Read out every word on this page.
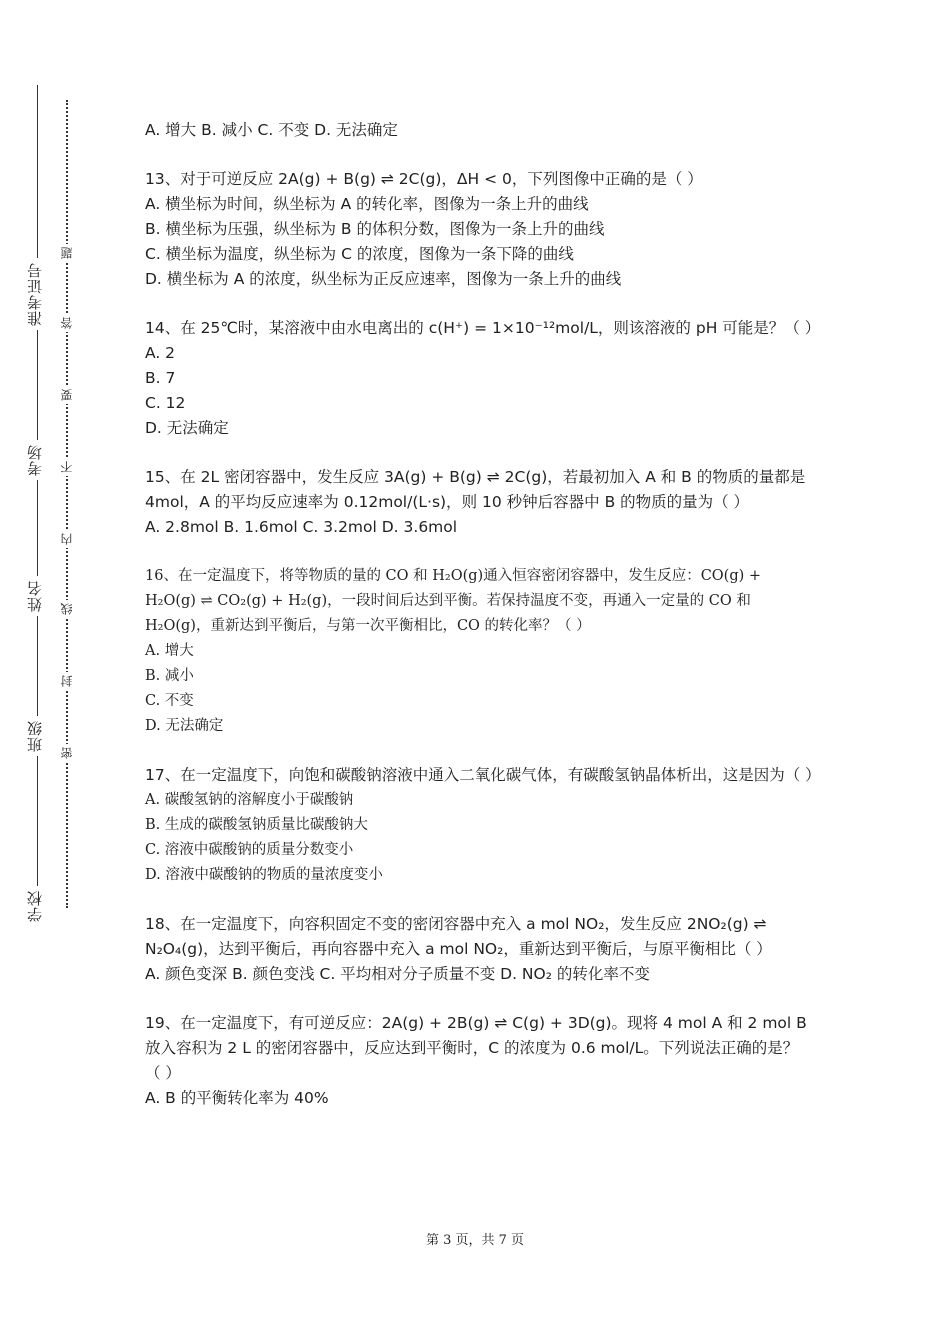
准考证号
考场
姓名
班级
学校
题
答
要
不
内
线
封
密

A. 增大 B. 减小 C. 不变 D. 无法确定

13、对于可逆反应 2A(g) + B(g) ⇌ 2C(g)，ΔH < 0，下列图像中正确的是（ ）

A. 横坐标为时间，纵坐标为 A 的转化率，图像为一条上升的曲线

B. 横坐标为压强，纵坐标为 B 的体积分数，图像为一条上升的曲线

C. 横坐标为温度，纵坐标为 C 的浓度，图像为一条下降的曲线

D. 横坐标为 A 的浓度，纵坐标为正反应速率，图像为一条上升的曲线

14、在 25℃时，某溶液中由水电离出的 c(H⁺) = 1×10⁻¹²mol/L，则该溶液的 pH 可能是？（ ）

A. 2

B. 7

C. 12

D. 无法确定

15、在 2L 密闭容器中，发生反应 3A(g) + B(g) ⇌ 2C(g)，若最初加入 A 和 B 的物质的量都是 4mol，A 的平均反应速率为 0.12mol/(L·s)，则 10 秒钟后容器中 B 的物质的量为（ ）

A. 2.8mol B. 1.6mol C. 3.2mol D. 3.6mol

16、在一定温度下，将等物质的量的 CO 和 H₂O(g)通入恒容密闭容器中，发生反应：CO(g) + H₂O(g) ⇌ CO₂(g) + H₂(g)，一段时间后达到平衡。若保持温度不变，再通入一定量的 CO 和 H₂O(g)，重新达到平衡后，与第一次平衡相比，CO 的转化率？（ ）

A. 增大

B. 减小

C. 不变

D. 无法确定

17、在一定温度下，向饱和碳酸钠溶液中通入二氧化碳气体，有碳酸氢钠晶体析出，这是因为（ ）

A. 碳酸氢钠的溶解度小于碳酸钠

B. 生成的碳酸氢钠质量比碳酸钠大

C. 溶液中碳酸钠的质量分数变小

D. 溶液中碳酸钠的物质的量浓度变小

18、在一定温度下，向容积固定不变的密闭容器中充入 a mol NO₂，发生反应 2NO₂(g) ⇌ N₂O₄(g)，达到平衡后，再向容器中充入 a mol NO₂，重新达到平衡后，与原平衡相比（ ）

A. 颜色变深 B. 颜色变浅 C. 平均相对分子质量不变 D. NO₂ 的转化率不变

19、在一定温度下，有可逆反应：2A(g) + 2B(g) ⇌ C(g) + 3D(g)。现将 4 mol A 和 2 mol B 放入容积为 2 L 的密闭容器中，反应达到平衡时，C 的浓度为 0.6 mol/L。下列说法正确的是？（ ）

A. B 的平衡转化率为 40%

第 3 页，共 7 页
